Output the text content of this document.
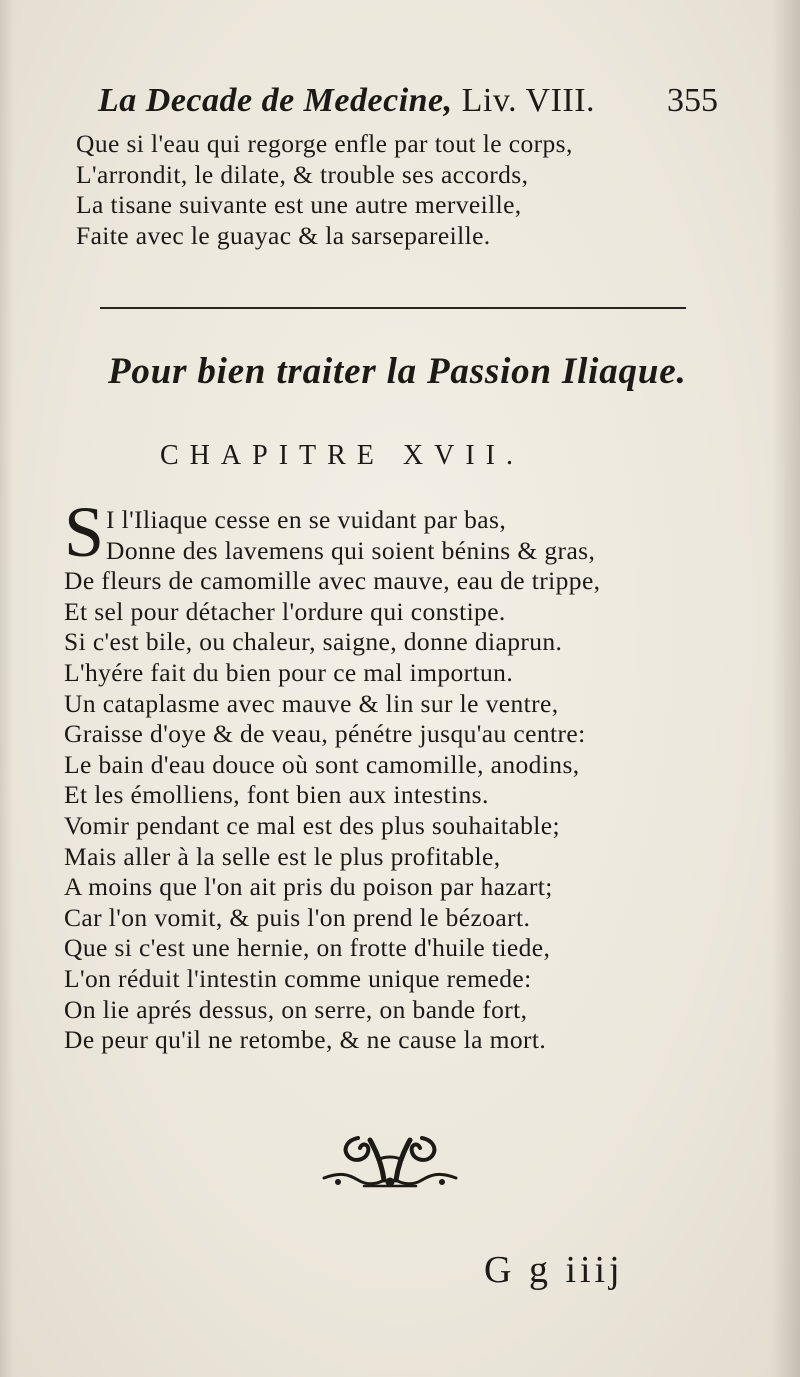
La Decade de Medecine, Liv. VIII. 355
Que si l'eau qui regorge enfle par tout le corps,
L'arrondit, le dilate, & trouble ses accords,
La tisane suivante est une autre merveille,
Faite avec le guayac & la sarsepareille.
Pour bien traiter la Passion Iliaque.
CHAPITRE XVII.
S I l'Iliaque cesse en se vuidant par bas,
Donne des lavemens qui soient bénins & gras,
De fleurs de camomille avec mauve, eau de trippe,
Et sel pour détacher l'ordure qui constipe.
Si c'est bile, ou chaleur, saigne, donne diaprun.
L'hyére fait du bien pour ce mal importun.
Un cataplasme avec mauve & lin sur le ventre,
Graisse d'oye & de veau, pénétre jusqu'au centre:
Le bain d'eau douce où sont camomille, anodins,
Et les émolliens, font bien aux intestins.
Vomir pendant ce mal est des plus souhaitable;
Mais aller à la selle est le plus profitable,
A moins que l'on ait pris du poison par hazart;
Car l'on vomit, & puis l'on prend le bézoart.
Que si c'est une hernie, on frotte d'huile tiede,
L'on réduit l'intestin comme unique remede:
On lie aprés dessus, on serre, on bande fort,
De peur qu'il ne retombe, & ne cause la mort.
G g iiij
